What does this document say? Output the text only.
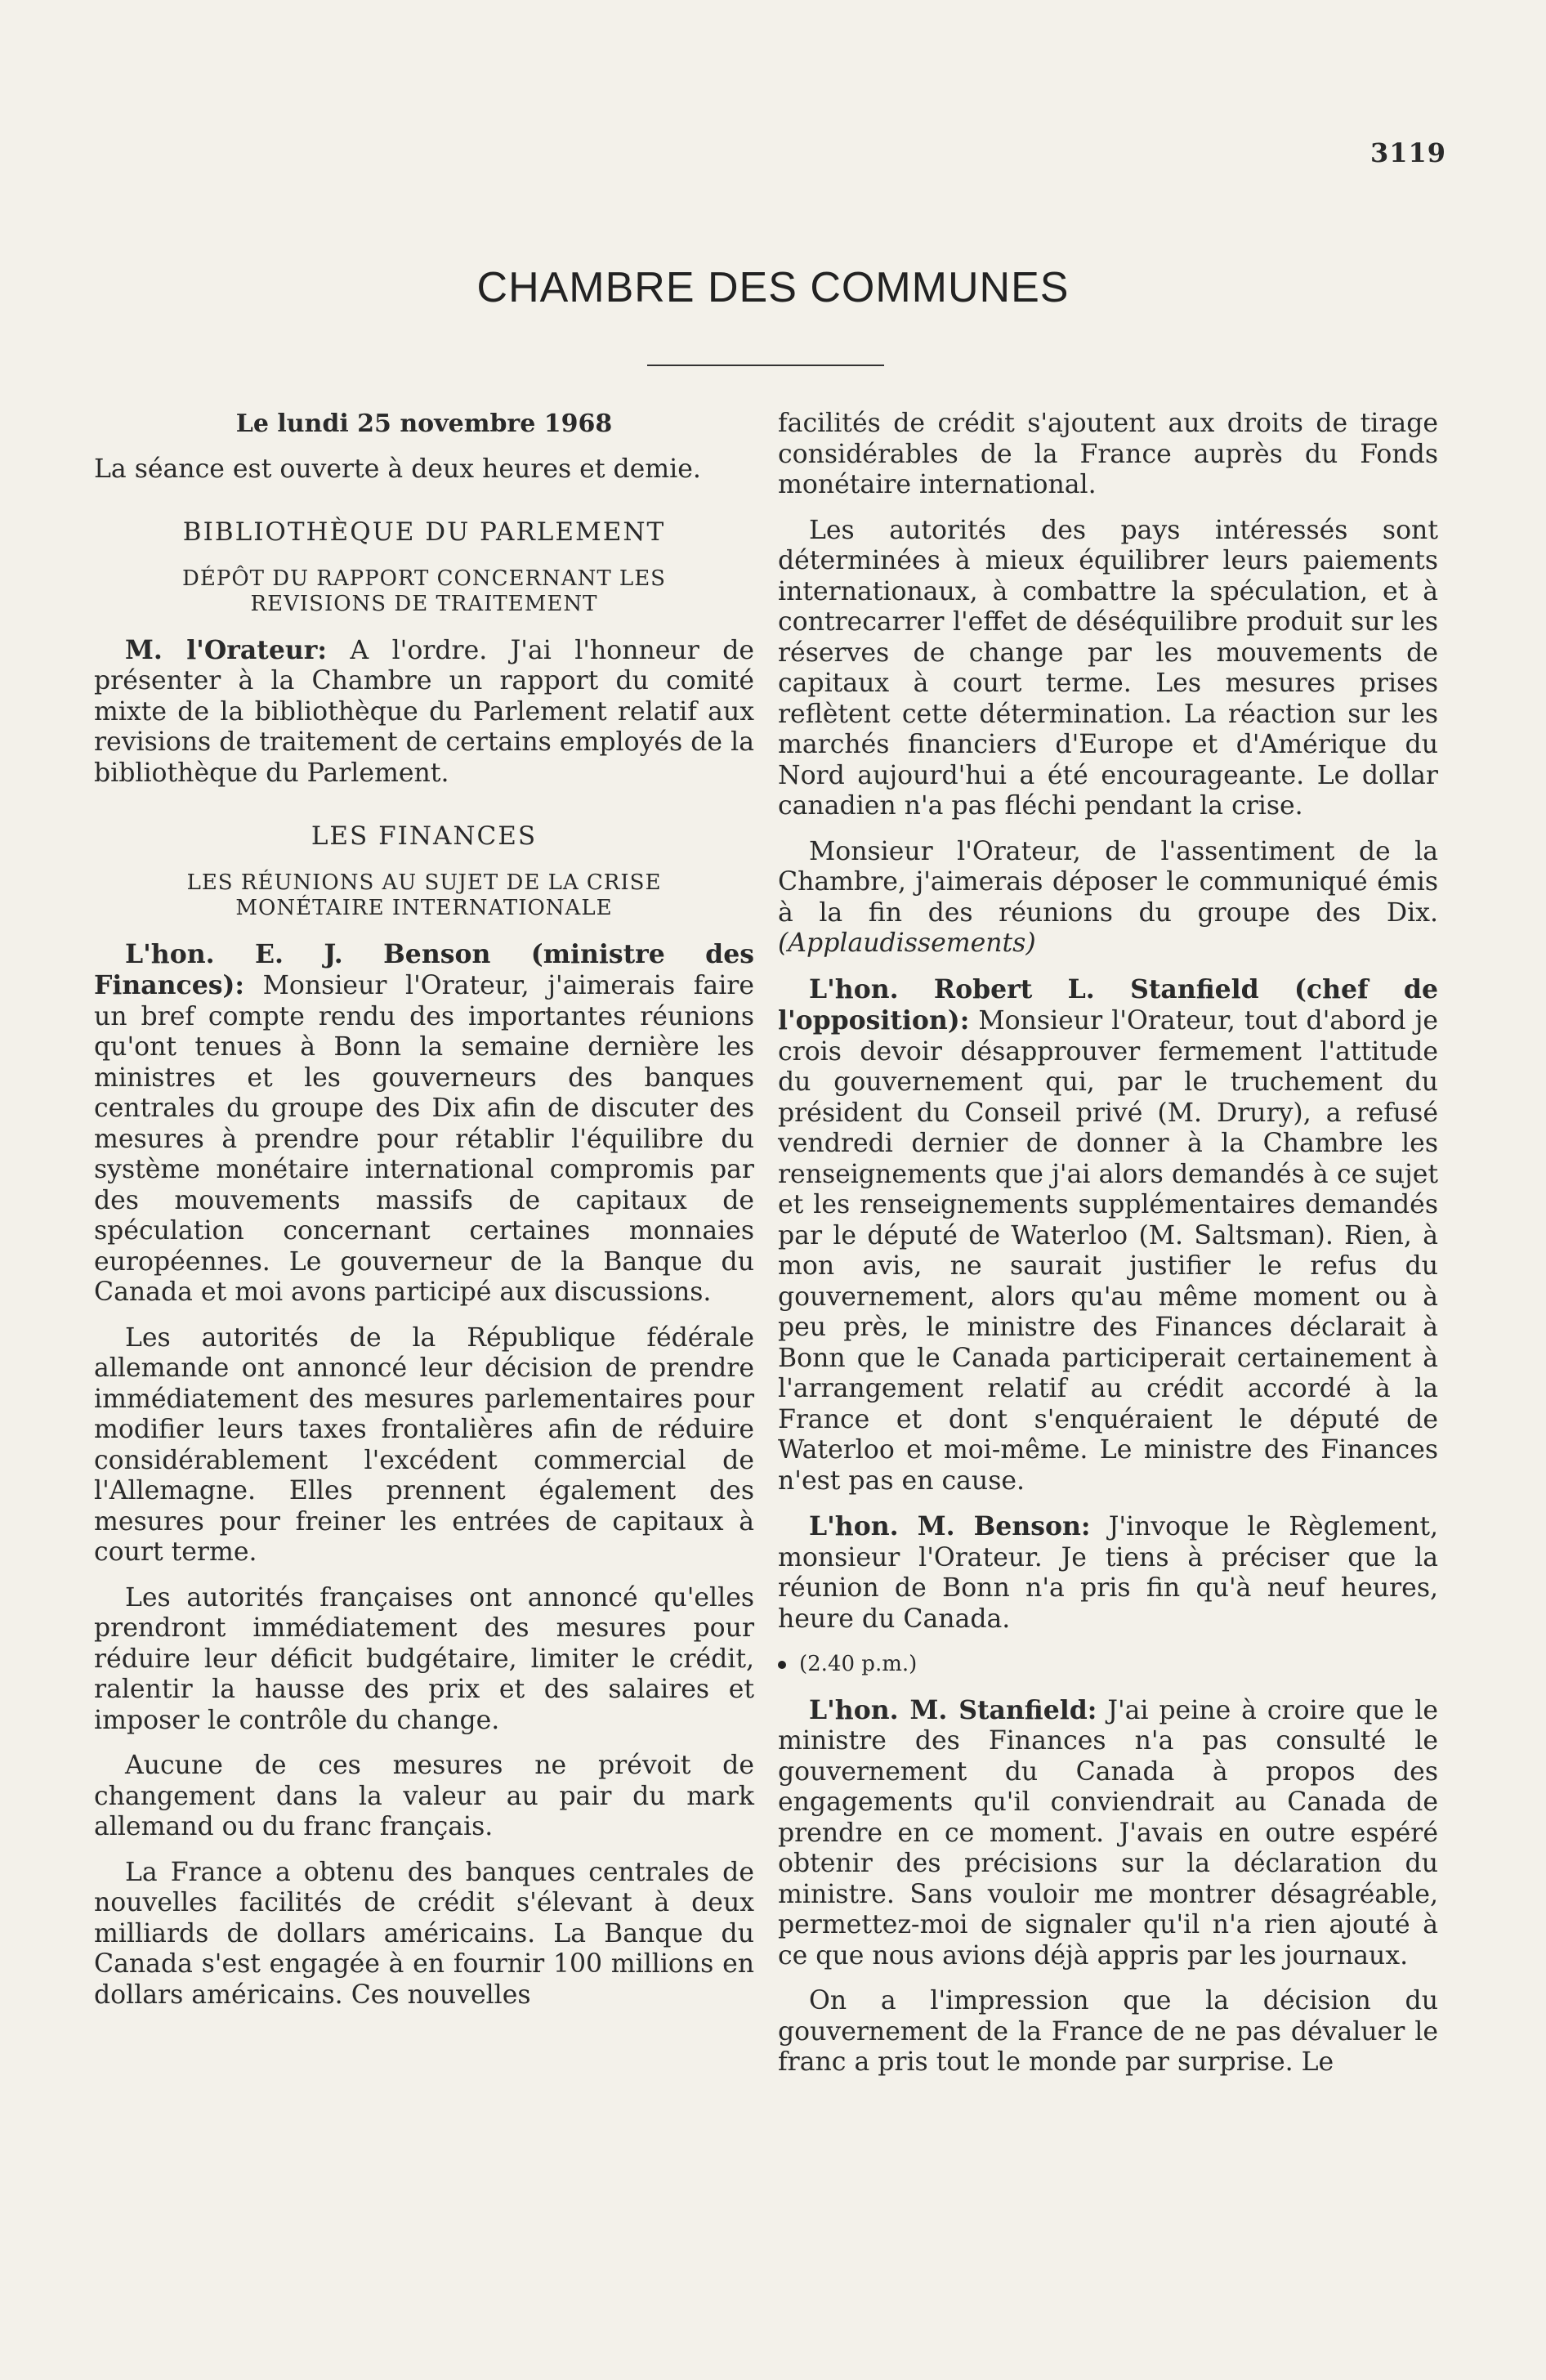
3119
CHAMBRE DES COMMUNES
Le lundi 25 novembre 1968

La séance est ouverte à deux heures et demie.

BIBLIOTHÈQUE DU PARLEMENT
DÉPÔT DU RAPPORT CONCERNANT LES REVISIONS DE TRAITEMENT

M. l'Orateur: A l'ordre. J'ai l'honneur de présenter à la Chambre un rapport du comité mixte de la bibliothèque du Parlement relatif aux revisions de traitement de certains employés de la bibliothèque du Parlement.

LES FINANCES
LES RÉUNIONS AU SUJET DE LA CRISE MONÉTAIRE INTERNATIONALE

L'hon. E. J. Benson (ministre des Finances): Monsieur l'Orateur, j'aimerais faire un bref compte rendu des importantes réunions qu'ont tenues à Bonn la semaine dernière les ministres et les gouverneurs des banques centrales du groupe des Dix afin de discuter des mesures à prendre pour rétablir l'équilibre du système monétaire international compromis par des mouvements massifs de capitaux de spéculation concernant certaines monnaies européennes. Le gouverneur de la Banque du Canada et moi avons participé aux discussions.

Les autorités de la République fédérale allemande ont annoncé leur décision de prendre immédiatement des mesures parlementaires pour modifier leurs taxes frontalières afin de réduire considérablement l'excédent commercial de l'Allemagne. Elles prennent également des mesures pour freiner les entrées de capitaux à court terme.

Les autorités françaises ont annoncé qu'elles prendront immédiatement des mesures pour réduire leur déficit budgétaire, limiter le crédit, ralentir la hausse des prix et des salaires et imposer le contrôle du change.

Aucune de ces mesures ne prévoit de changement dans la valeur au pair du mark allemand ou du franc français.

La France a obtenu des banques centrales de nouvelles facilités de crédit s'élevant à deux milliards de dollars américains. La Banque du Canada s'est engagée à en fournir 100 millions en dollars américains. Ces nouvelles

facilités de crédit s'ajoutent aux droits de tirage considérables de la France auprès du Fonds monétaire international.

Les autorités des pays intéressés sont déterminées à mieux équilibrer leurs paiements internationaux, à combattre la spéculation, et à contrecarrer l'effet de déséquilibre produit sur les réserves de change par les mouvements de capitaux à court terme. Les mesures prises reflètent cette détermination. La réaction sur les marchés financiers d'Europe et d'Amérique du Nord aujourd'hui a été encourageante. Le dollar canadien n'a pas fléchi pendant la crise.

Monsieur l'Orateur, de l'assentiment de la Chambre, j'aimerais déposer le communiqué émis à la fin des réunions du groupe des Dix. (Applaudissements)

L'hon. Robert L. Stanfield (chef de l'opposition): Monsieur l'Orateur, tout d'abord je crois devoir désapprouver fermement l'attitude du gouvernement qui, par le truchement du président du Conseil privé (M. Drury), a refusé vendredi dernier de donner à la Chambre les renseignements que j'ai alors demandés à ce sujet et les renseignements supplémentaires demandés par le député de Waterloo (M. Saltsman). Rien, à mon avis, ne saurait justifier le refus du gouvernement, alors qu'au même moment ou à peu près, le ministre des Finances déclarait à Bonn que le Canada participerait certainement à l'arrangement relatif au crédit accordé à la France et dont s'enquéraient le député de Waterloo et moi-même. Le ministre des Finances n'est pas en cause.

L'hon. M. Benson: J'invoque le Règlement, monsieur l'Orateur. Je tiens à préciser que la réunion de Bonn n'a pris fin qu'à neuf heures, heure du Canada.

(2.40 p.m.)

L'hon. M. Stanfield: J'ai peine à croire que le ministre des Finances n'a pas consulté le gouvernement du Canada à propos des engagements qu'il conviendrait au Canada de prendre en ce moment. J'avais en outre espéré obtenir des précisions sur la déclaration du ministre. Sans vouloir me montrer désagréable, permettez-moi de signaler qu'il n'a rien ajouté à ce que nous avions déjà appris par les journaux.

On a l'impression que la décision du gouvernement de la France de ne pas dévaluer le franc a pris tout le monde par surprise. Le
